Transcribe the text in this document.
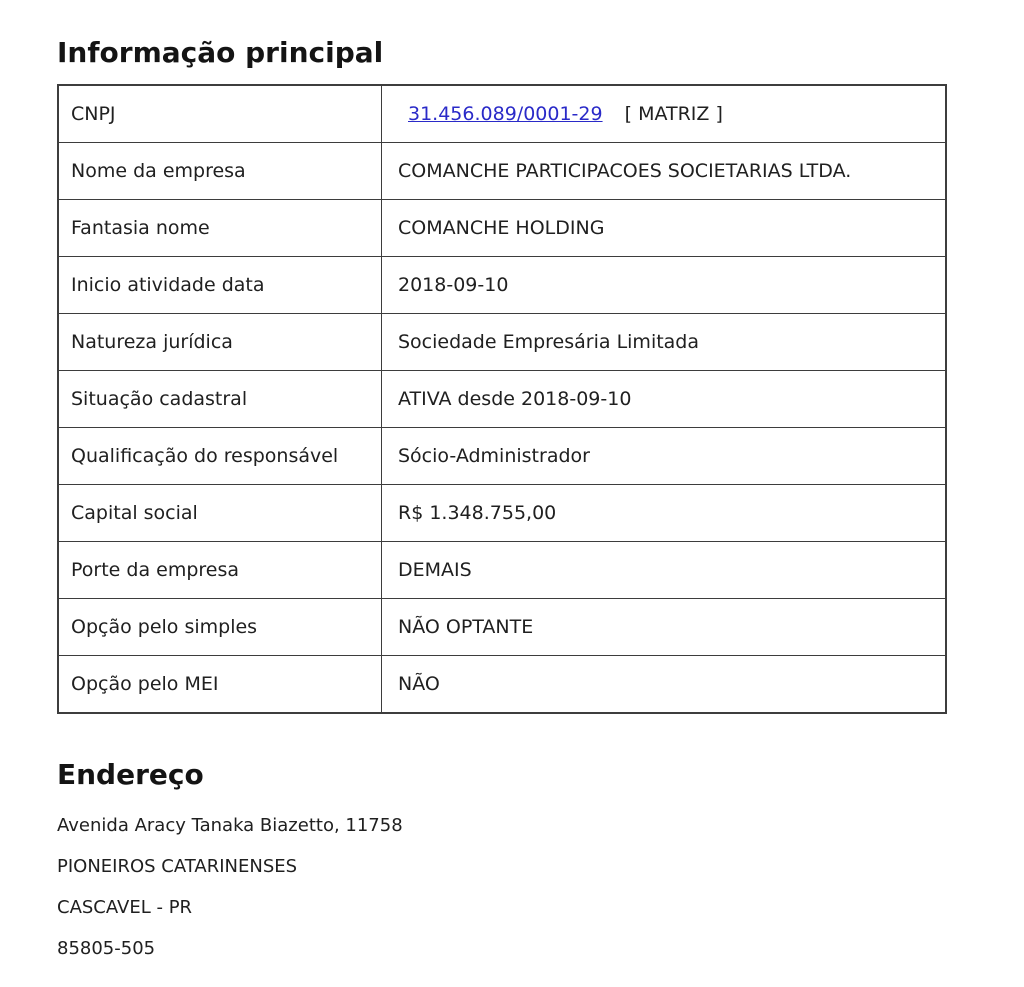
Informação principal
CNPJ	31.456.089/0001-29 [ MATRIZ ]
Nome da empresa	COMANCHE PARTICIPACOES SOCIETARIAS LTDA.
Fantasia nome	COMANCHE HOLDING
Inicio atividade data	2018-09-10
Natureza jurídica	Sociedade Empresária Limitada
Situação cadastral	ATIVA desde 2018-09-10
Qualificação do responsável	Sócio-Administrador
Capital social	R$ 1.348.755,00
Porte da empresa	DEMAIS
Opção pelo simples	NÃO OPTANTE
Opção pelo MEI	NÃO
Endereço
Avenida Aracy Tanaka Biazetto, 11758
PIONEIROS CATARINENSES
CASCAVEL - PR
85805-505
